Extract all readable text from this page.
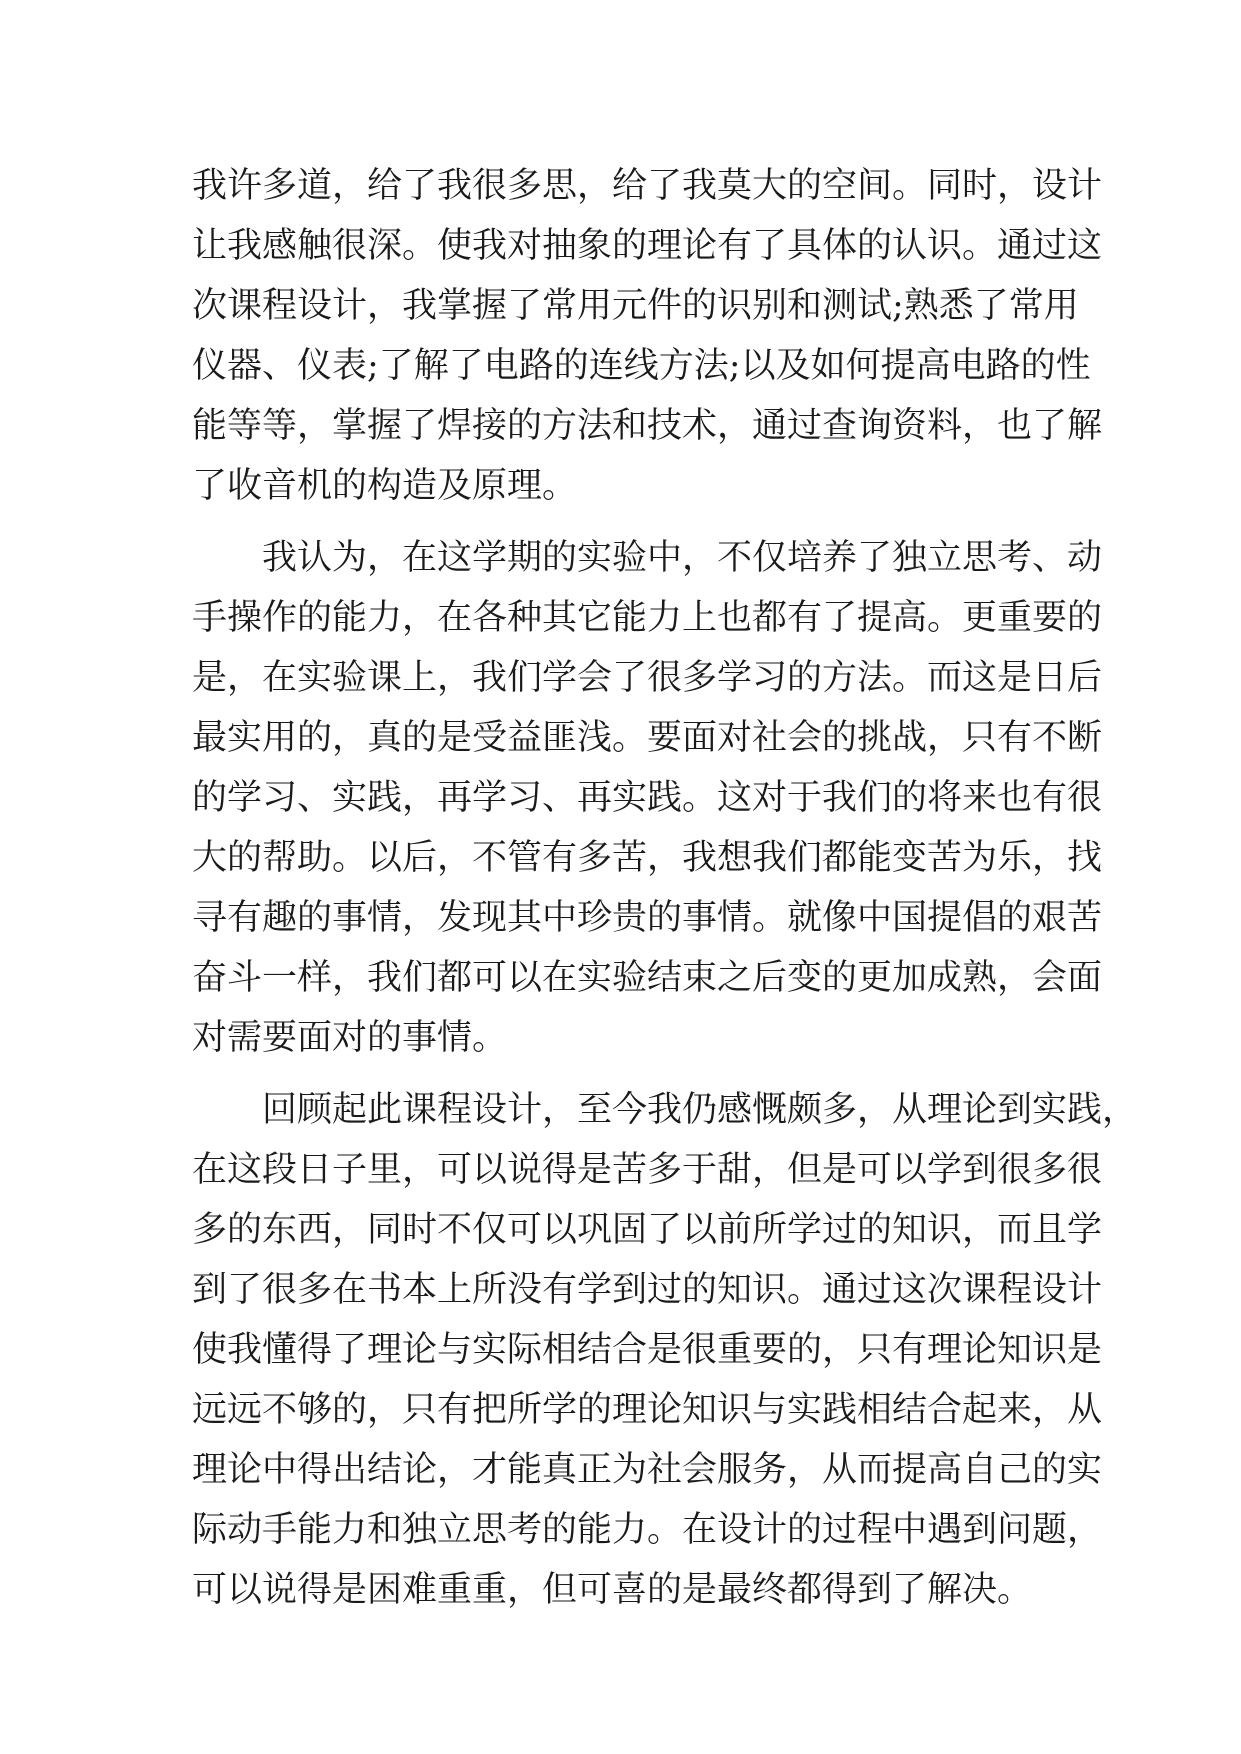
我许多道，给了我很多思，给了我莫大的空间。同时，设计
让我感触很深。使我对抽象的理论有了具体的认识。通过这
次课程设计，我掌握了常用元件的识别和测试;熟悉了常用
仪器、仪表;了解了电路的连线方法;以及如何提高电路的性
能等等，掌握了焊接的方法和技术，通过查询资料，也了解
了收音机的构造及原理。
我认为，在这学期的实验中，不仅培养了独立思考、动
手操作的能力，在各种其它能力上也都有了提高。更重要的
是，在实验课上，我们学会了很多学习的方法。而这是日后
最实用的，真的是受益匪浅。要面对社会的挑战，只有不断
的学习、实践，再学习、再实践。这对于我们的将来也有很
大的帮助。以后，不管有多苦，我想我们都能变苦为乐，找
寻有趣的事情，发现其中珍贵的事情。就像中国提倡的艰苦
奋斗一样，我们都可以在实验结束之后变的更加成熟，会面
对需要面对的事情。
回顾起此课程设计，至今我仍感慨颇多，从理论到实践，
在这段日子里，可以说得是苦多于甜，但是可以学到很多很
多的东西，同时不仅可以巩固了以前所学过的知识，而且学
到了很多在书本上所没有学到过的知识。通过这次课程设计
使我懂得了理论与实际相结合是很重要的，只有理论知识是
远远不够的，只有把所学的理论知识与实践相结合起来，从
理论中得出结论，才能真正为社会服务，从而提高自己的实
际动手能力和独立思考的能力。在设计的过程中遇到问题，
可以说得是困难重重，但可喜的是最终都得到了解决。
